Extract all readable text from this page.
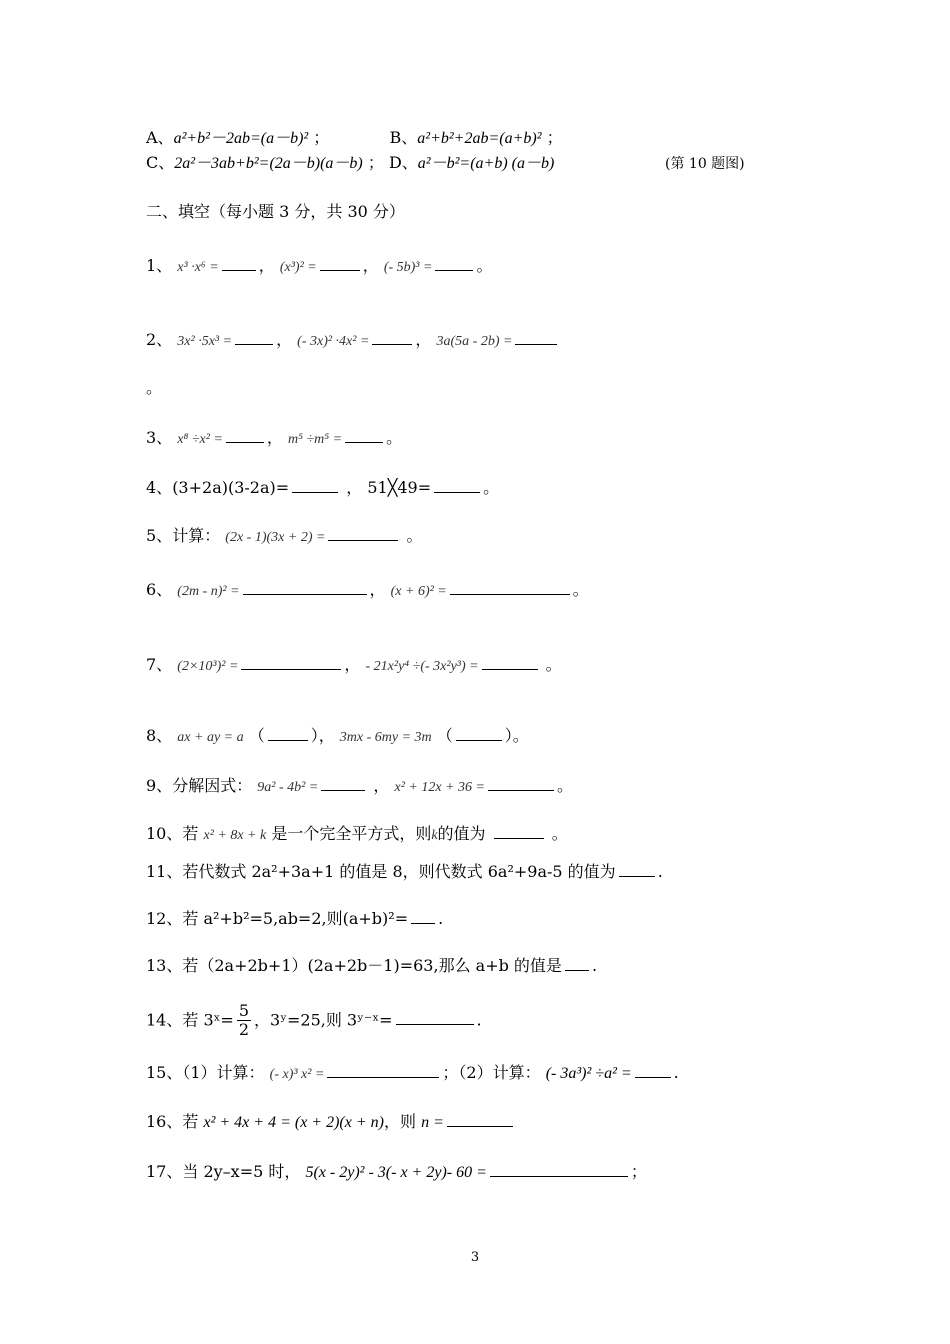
A、a²+b²－2ab=(a－b)² ；	B、a²+b²+2ab=(a+b)² ；
C、2a²－3ab+b²=(2a－b)(a－b) ； D、a²－b²=(a+b) (a－b)	(第 10 题图)
二、填空（每小题 3 分，共 30 分）
1、 x³ ·x⁶ =	， (x³)² =	， (- 5b)³ =	。
2、 3x² ·5x³ =	， (- 3x)² ·4x² =	， 3a(5a - 2b) =
。
3、 x⁸ ÷x² =	， m⁵ ÷m⁵ =	。
4、(3+2a)(3-2a)=	， 51╳49=	。
5、计算： (2x - 1)(3x + 2) =	。
6、 (2m - n)² =	， (x + 6)² =	。
7、 (2×10³)² =	， - 21x²y⁴ ÷(- 3x²y³) =	。
8、 ax + ay = a （	）， 3mx - 6my = 3m （	）。
9、分解因式： 9a² - 4b² =	， x² + 12x + 36 =	。
10、若 x² + 8x + k 是一个完全平方式，则k的值为	。
11、若代数式 2a²+3a+1 的值是 8，则代数式 6a²+9a-5 的值为	.
12、若 a²+b²=5,ab=2,则(a+b)²= .
13、若（2a+2b+1）(2a+2b－1)=63,那么 a+b 的值是 .
14、若 3ˣ= $\frac{5}{2}$ ，3ʸ=25,则 3ʸ⁻ˣ=	.
15、（1）计算： (- x)³ x² =	；（2）计算： (- 3a³)² ÷a² =	.
16、若 x² + 4x + 4 = (x + 2)(x + n)，则 n =
17、当 2y–x=5 时， 5(x - 2y)² - 3(- x + 2y)- 60 =	；
3
